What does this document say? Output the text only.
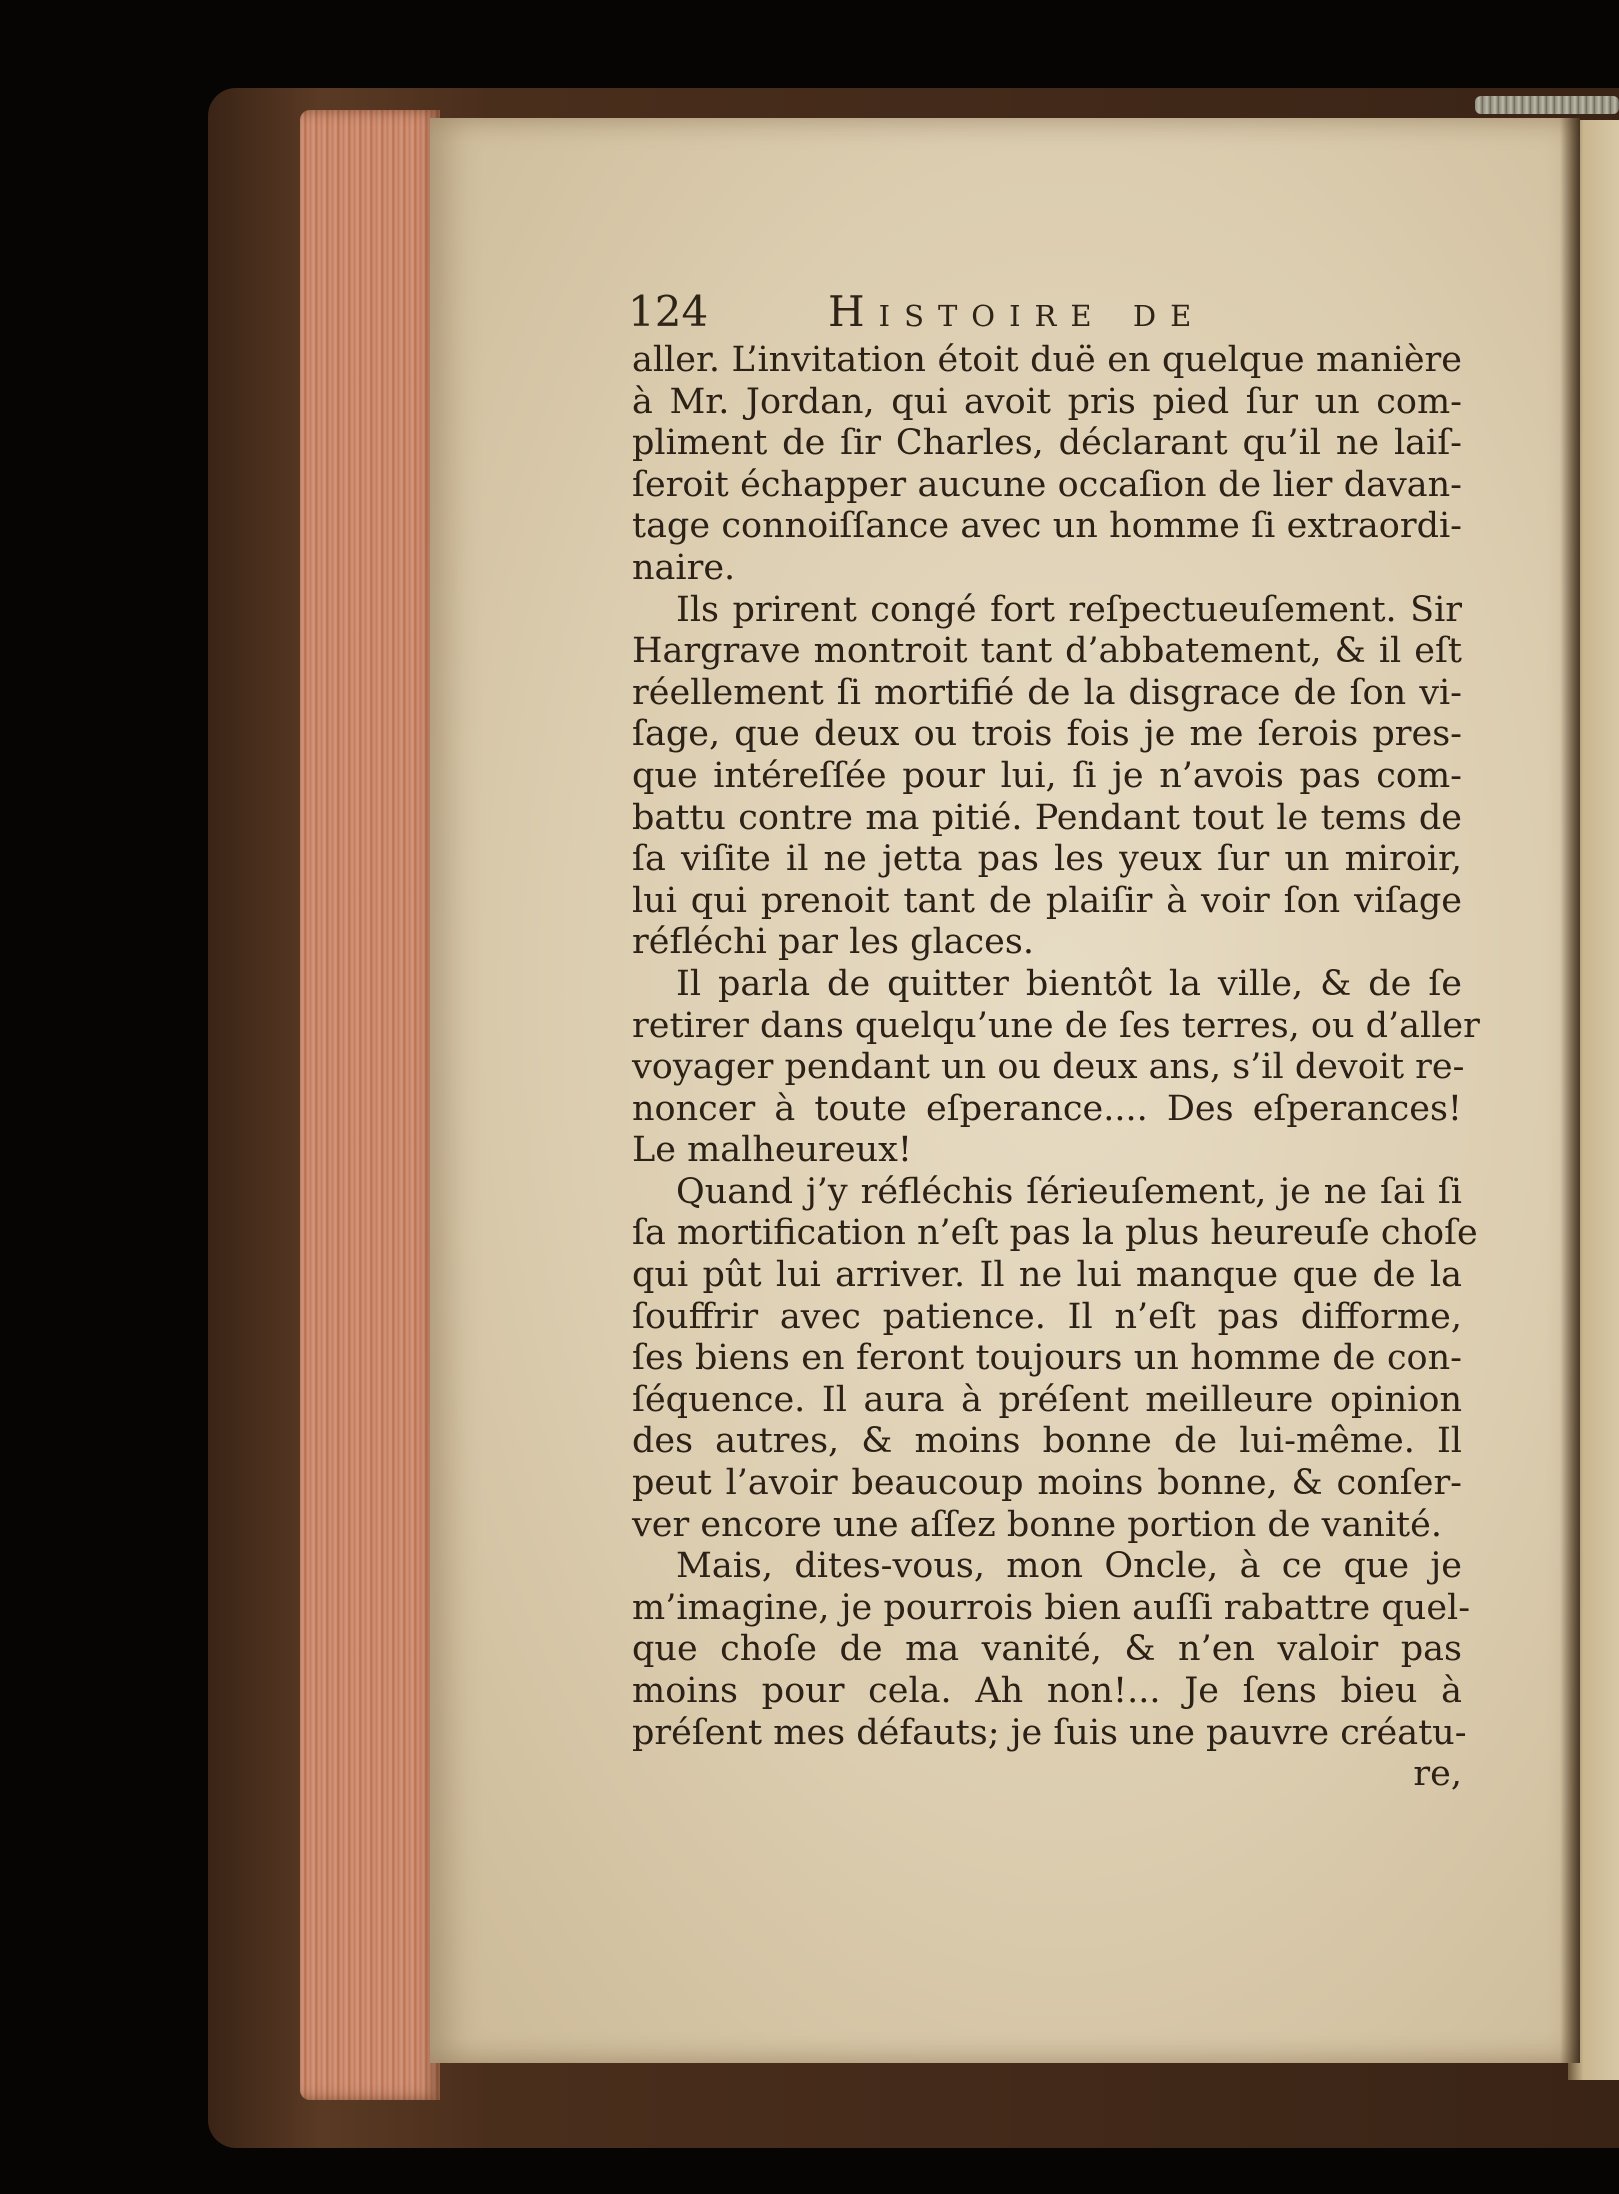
124	Histoire de
aller. L’invitation étoit duë en quelque manière
à Mr. Jordan, qui avoit pris pied ſur un com-
pliment de ſir Charles, déclarant qu’il ne laiſ-
ſeroit échapper aucune occaſion de lier davan-
tage connoiſſance avec un homme ſi extraordi-
naire.
Ils prirent congé fort reſpectueuſement. Sir
Hargrave montroit tant d’abbatement, & il eſt
réellement ſi mortifié de la disgrace de ſon vi-
ſage, que deux ou trois fois je me ſerois pres-
que intéreſſée pour lui, ſi je n’avois pas com-
battu contre ma pitié. Pendant tout le tems de
ſa viſite il ne jetta pas les yeux ſur un miroir,
lui qui prenoit tant de plaiſir à voir ſon viſage
réfléchi par les glaces.
Il parla de quitter bientôt la ville, & de ſe
retirer dans quelqu’une de ſes terres, ou d’aller
voyager pendant un ou deux ans, s’il devoit re-
noncer à toute eſperance.... Des eſperances!
Le malheureux!
Quand j’y réfléchis ſérieuſement, je ne ſai ſi
ſa mortification n’eſt pas la plus heureuſe choſe
qui pût lui arriver. Il ne lui manque que de la
ſouffrir avec patience. Il n’eſt pas difforme,
ſes biens en feront toujours un homme de con-
ſéquence. Il aura à préſent meilleure opinion
des autres, & moins bonne de lui-même. Il
peut l’avoir beaucoup moins bonne, & conſer-
ver encore une aſſez bonne portion de vanité.
Mais, dites-vous, mon Oncle, à ce que je
m’imagine, je pourrois bien auſſi rabattre quel-
que choſe de ma vanité, & n’en valoir pas
moins pour cela. Ah non!... Je ſens bieu à
préſent mes défauts; je ſuis une pauvre créatu-
re,
